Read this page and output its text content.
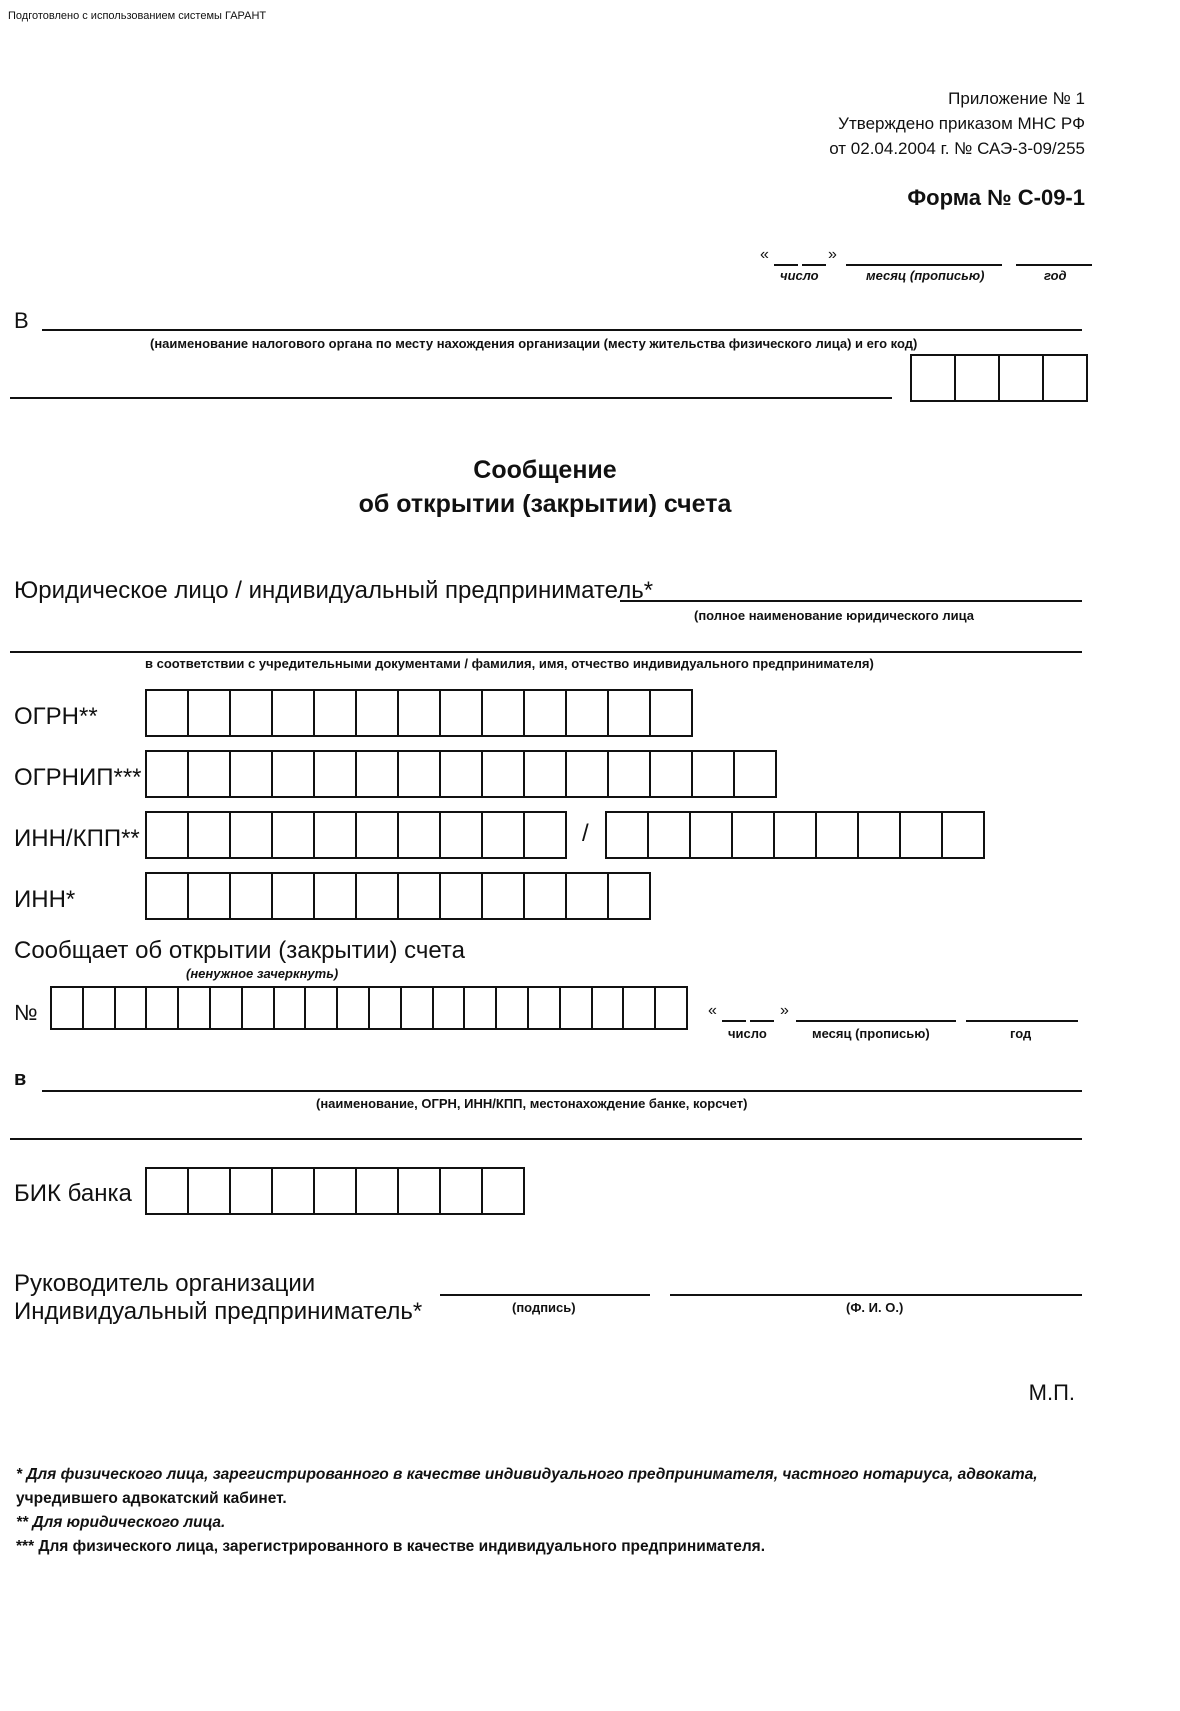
Подготовлено с использованием системы ГАРАНТ
Приложение № 1
Утверждено приказом МНС РФ
от 02.04.2004 г. № САЭ-3-09/255
Форма № С-09-1
«	»
число	месяц (прописью)	год
В
(наименование налогового органа по месту нахождения организации (месту жительства физического лица) и его код)
Сообщение
об открытии (закрытии) счета
Юридическое лицо / индивидуальный предприниматель*
(полное наименование юридического лица
в соответствии с учредительными документами / фамилия, имя, отчество индивидуального предпринимателя)
ОГРН**
ОГРНИП***
ИНН/КПП**	/
ИНН*
Сообщает об открытии (закрытии) счета
(ненужное зачеркнуть)
№	«	»
число	месяц (прописью)	год
в
(наименование, ОГРН, ИНН/КПП, местонахождение банке, корсчет)
БИК банка
Руководитель организации
Индивидуальный предприниматель*	(подпись)	(Ф. И. О.)
М.П.
* Для физического лица, зарегистрированного в качестве индивидуального предпринимателя, частного нотариуса, адвоката,
учредившего адвокатский кабинет.
** Для юридического лица.
*** Для физического лица, зарегистрированного в качестве индивидуального предпринимателя.
